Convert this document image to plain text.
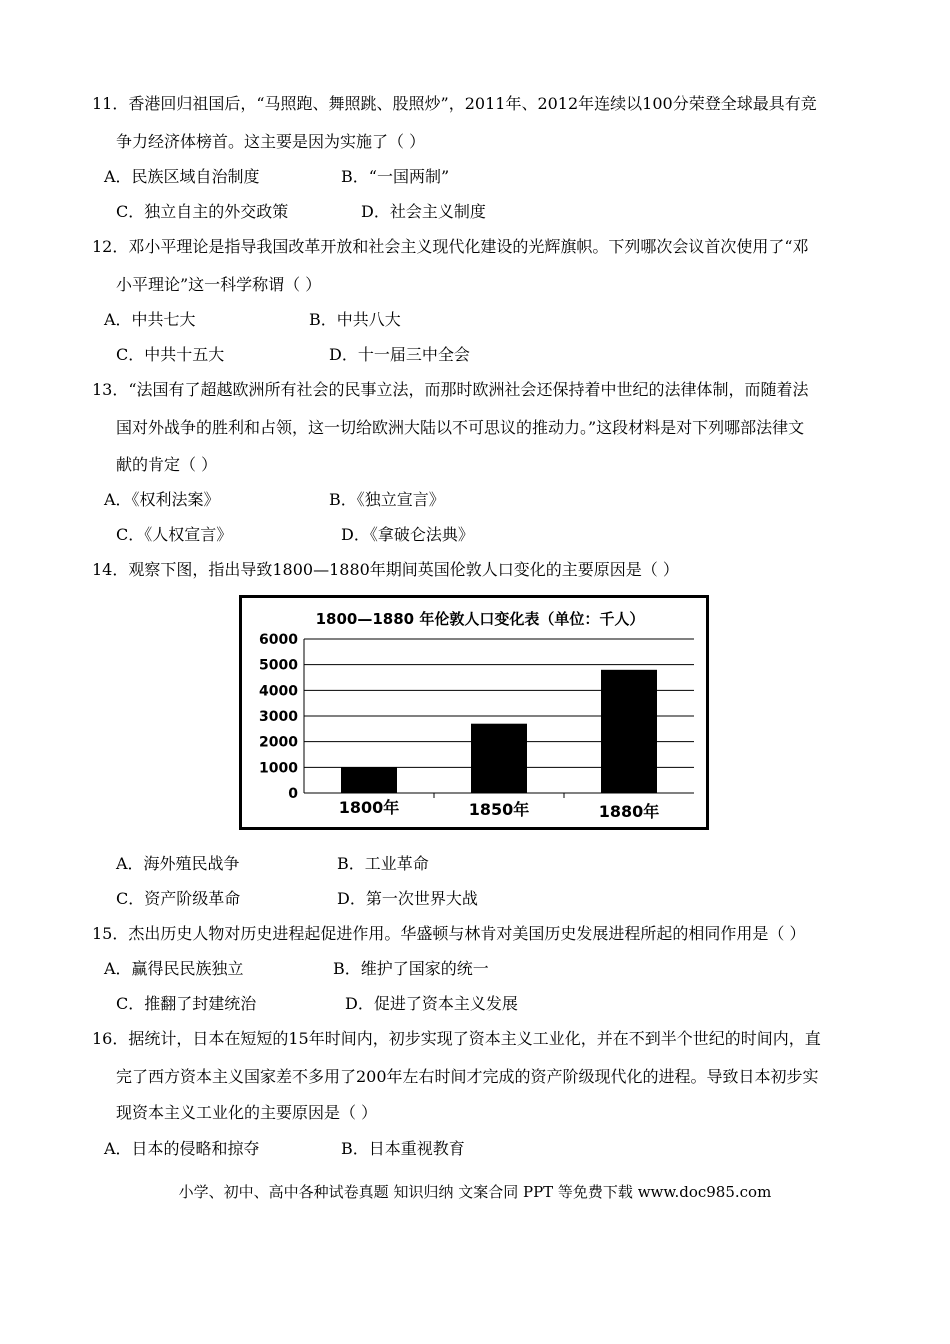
11．香港回归祖国后，“马照跑、舞照跳、股照炒”，2011年、2012年连续以100分荣登全球最具有竞
争力经济体榜首。这主要是因为实施了（ ）
A．民族区域自治制度	B．“一国两制”
C．独立自主的外交政策	D．社会主义制度
12．邓小平理论是指导我国改革开放和社会主义现代化建设的光辉旗帜。下列哪次会议首次使用了“邓
小平理论”这一科学称谓（ ）
A．中共七大	B．中共八大
C．中共十五大	D．十一届三中全会
13．“法国有了超越欧洲所有社会的民事立法，而那时欧洲社会还保持着中世纪的法律体制，而随着法
国对外战争的胜利和占领，这一切给欧洲大陆以不可思议的推动力。”这段材料是对下列哪部法律文
献的肯定（ ）
A．《权利法案》	B．《独立宣言》
C．《人权宣言》	D．《拿破仑法典》
14．观察下图，指出导致1800—1880年期间英国伦敦人口变化的主要原因是（ ）
1800—1880 年伦敦人口变化表（单位：千人）
0
1000
2000
3000
4000
5000
6000
1800年	1850年	1880年
A．海外殖民战争	B．工业革命
C．资产阶级革命	D．第一次世界大战
15．杰出历史人物对历史进程起促进作用。华盛顿与林肯对美国历史发展进程所起的相同作用是（ ）
A．赢得民民族独立	B．维护了国家的统一
C．推翻了封建统治	D．促进了资本主义发展
16．据统计，日本在短短的15年时间内，初步实现了资本主义工业化，并在不到半个世纪的时间内，直
完了西方资本主义国家差不多用了200年左右时间才完成的资产阶级现代化的进程。导致日本初步实
现资本主义工业化的主要原因是（ ）
A．日本的侵略和掠夺	B．日本重视教育
小学、初中、高中各种试卷真题 知识归纳 文案合同 PPT 等免费下载 www.doc985.com
